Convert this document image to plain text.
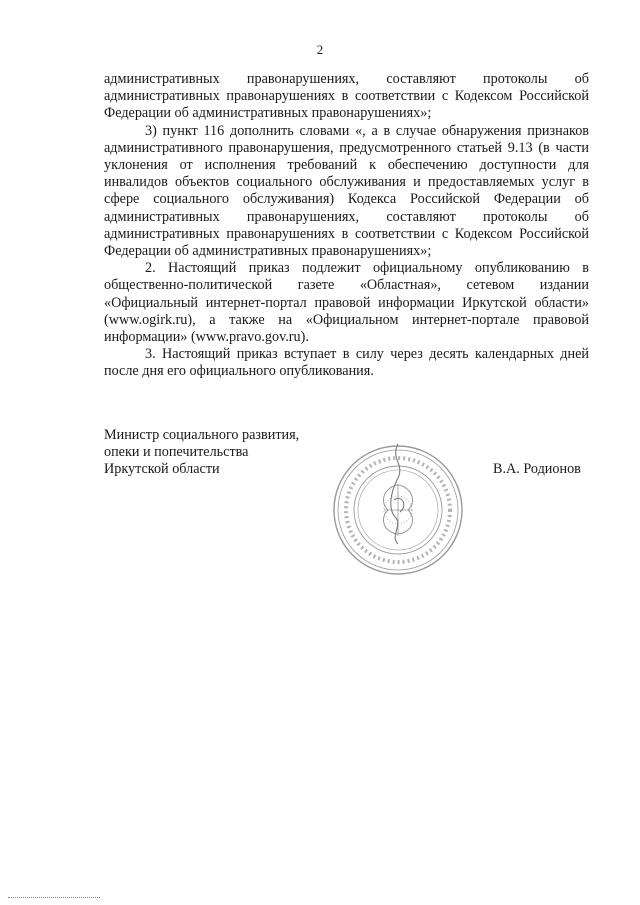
2

административных правонарушениях, составляют протоколы об административных правонарушениях в соответствии с Кодексом Российской Федерации об административных правонарушениях»;

3) пункт 116 дополнить словами «, а в случае обнаружения признаков административного правонарушения, предусмотренного статьей 9.13 (в части уклонения от исполнения требований к обеспечению доступности для инвалидов объектов социального обслуживания и предоставляемых услуг в сфере социального обслуживания) Кодекса Российской Федерации об административных правонарушениях, составляют протоколы об административных правонарушениях в соответствии с Кодексом Российской Федерации об административных правонарушениях»;

2. Настоящий приказ подлежит официальному опубликованию в общественно-политической газете «Областная», сетевом издании «Официальный интернет-портал правовой информации Иркутской области» (www.ogirk.ru), а также на «Официальном интернет-портале правовой информации» (www.pravo.gov.ru).

3. Настоящий приказ вступает в силу через десять календарных дней после дня его официального опубликования.

Министр социального развития,
опеки и попечительства
Иркутской области	В.А. Родионов
